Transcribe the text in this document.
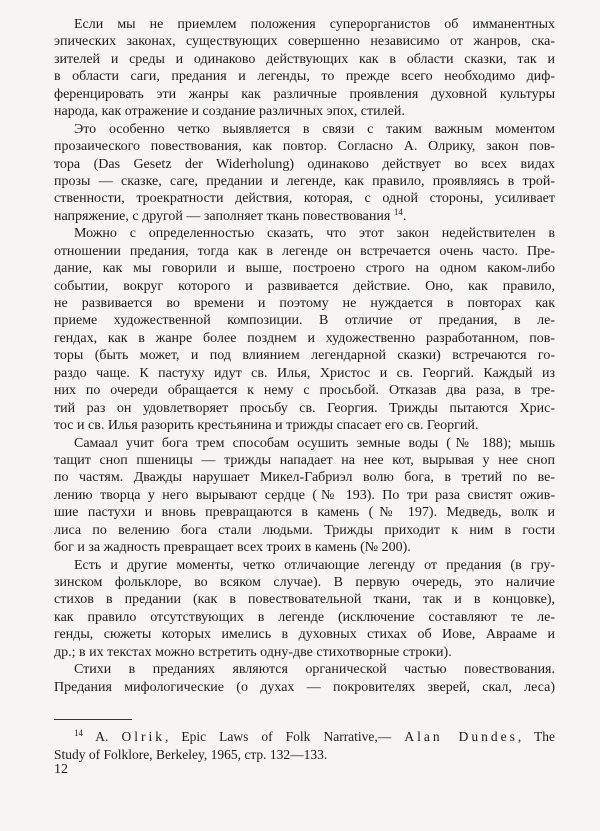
Если мы не приемлем положения суперорганистов об имманентных
эпических законах, существующих совершенно независимо от жанров, ска-
зителей и среды и одинаково действующих как в области сказки, так и
в области саги, предания и легенды, то прежде всего необходимо диф-
ференцировать эти жанры как различные проявления духовной культуры
народа, как отражение и создание различных эпох, стилей.
Это особенно четко выявляется в связи с таким важным моментом
прозаического повествования, как повтор. Согласно А. Олрику, закон пов-
тора (Das Gesetz der Widerholung) одинаково действует во всех видах
прозы — сказке, саге, предании и легенде, как правило, проявляясь в трой-
ственности, троекратности действия, которая, с одной стороны, усиливает
напряжение, с другой — заполняет ткань повествования $^{14}$.
Можно с определенностью сказать, что этот закон недействителен в
отношении предания, тогда как в легенде он встречается очень часто. Пре-
дание, как мы говорили и выше, построено строго на одном каком-либо
событии, вокруг которого и развивается действие. Оно, как правило,
не развивается во времени и поэтому не нуждается в повторах как
приеме художественной композиции. В отличие от предания, в ле-
гендах, как в жанре более позднем и художественно разработанном, пов-
торы (быть может, и под влиянием легендарной сказки) встречаются го-
раздо чаще. К пастуху идут св. Илья, Христос и св. Георгий. Каждый из
них по очереди обращается к нему с просьбой. Отказав два раза, в тре-
тий раз он удовлетворяет просьбу св. Георгия. Трижды пытаются Хрис-
тос и св. Илья разорить крестьянина и трижды спасает его св. Георгий.
Самаал учит бога трем способам осушить земные воды (№ 188); мышь
тащит сноп пшеницы — трижды нападает на нее кот, вырывая у нее сноп
по частям. Дважды нарушает Микел-Габриэл волю бога, в третий по ве-
лению творца у него вырывают сердце (№ 193). По три раза свистят ожив-
шие пастухи и вновь превращаются в камень (№ 197). Медведь, волк и
лиса по велению бога стали людьми. Трижды приходит к ним в гости
бог и за жадность превращает всех троих в камень (№ 200).
Есть и другие моменты, четко отличающие легенду от предания (в гру-
зинском фольклоре, во всяком случае). В первую очередь, это наличие
стихов в предании (как в повествовательной ткани, так и в концовке),
как правило отсутствующих в легенде (исключение составляют те ле-
генды, сюжеты которых имелись в духовных стихах об Иове, Аврааме и
др.; в их текстах можно встретить одну-две стихотворные строки).
Стихи в преданиях являются органической частью повествования.
Предания мифологические (о духах — покровителях зверей, скал, леса)
$^{14}$ A. Olrik, Epic Laws of Folk Narrative,— Alan Dundes, The
Study of Folklore, Berkeley, 1965, стр. 132—133.
12
